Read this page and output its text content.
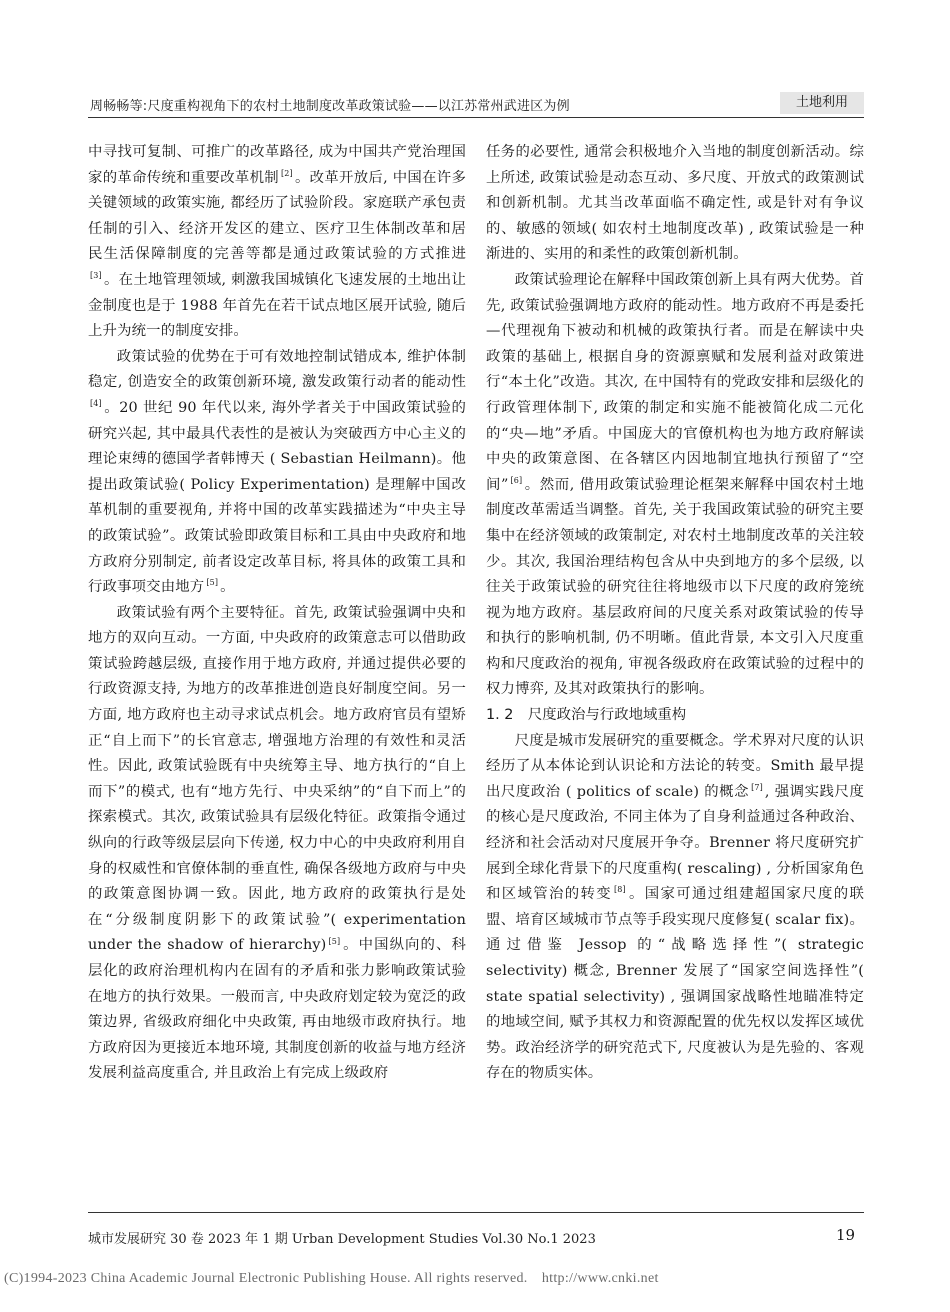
周畅畅等:尺度重构视角下的农村土地制度改革政策试验——以江苏常州武进区为例	土地利用

中寻找可复制、可推广的改革路径, 成为中国共产党治理国家的革命传统和重要改革机制 [2] 。改革开放后, 中国在许多关键领域的政策实施, 都经历了试验阶段。家庭联产承包责任制的引入、经济开发区的建立、医疗卫生体制改革和居民生活保障制度的完善等都是通过政策试验的方式推进[3] 。在土地管理领域, 刺激我国城镇化飞速发展的土地出让金制度也是于 1988 年首先在若干试点地区展开试验, 随后上升为统一的制度安排。

政策试验的优势在于可有效地控制试错成本, 维护体制稳定, 创造安全的政策创新环境, 激发政策行动者的能动性[4] 。20 世纪 90 年代以来, 海外学者关于中国政策试验的研究兴起, 其中最具代表性的是被认为突破西方中心主义的理论束缚的德国学者韩博天 ( Sebastian Heilmann)。他提出政策试验( Policy Experimentation) 是理解中国改革机制的重要视角, 并将中国的改革实践描述为“中央主导的政策试验”。政策试验即政策目标和工具由中央政府和地方政府分别制定, 前者设定改革目标, 将具体的政策工具和行政事项交由地方 [5] 。

政策试验有两个主要特征。首先, 政策试验强调中央和地方的双向互动。一方面, 中央政府的政策意志可以借助政策试验跨越层级, 直接作用于地方政府, 并通过提供必要的行政资源支持, 为地方的改革推进创造良好制度空间。另一方面, 地方政府也主动寻求试点机会。地方政府官员有望矫正“自上而下”的长官意志, 增强地方治理的有效性和灵活性。因此, 政策试验既有中央统筹主导、地方执行的“自上而下”的模式, 也有“地方先行、中央采纳”的“自下而上”的探索模式。其次, 政策试验具有层级化特征。政策指令通过纵向的行政等级层层向下传递, 权力中心的中央政府利用自身的权威性和官僚体制的垂直性, 确保各级地方政府与中央的政策意图协调一致。因此, 地方政府的政策执行是处在“分级制度阴影下的政策试验”( experimentation under the shadow of hierarchy) [5] 。中国纵向的、科层化的政府治理机构内在固有的矛盾和张力影响政策试验在地方的执行效果。一般而言, 中央政府划定较为宽泛的政策边界, 省级政府细化中央政策, 再由地级市政府执行。地方政府因为更接近本地环境, 其制度创新的收益与地方经济发展利益高度重合, 并且政治上有完成上级政府

任务的必要性, 通常会积极地介入当地的制度创新活动。综上所述, 政策试验是动态互动、多尺度、开放式的政策测试和创新机制。尤其当改革面临不确定性, 或是针对有争议的、敏感的领域( 如农村土地制度改革) , 政策试验是一种渐进的、实用的和柔性的政策创新机制。

政策试验理论在解释中国政策创新上具有两大优势。首先, 政策试验强调地方政府的能动性。地方政府不再是委托—代理视角下被动和机械的政策执行者。而是在解读中央政策的基础上, 根据自身的资源禀赋和发展利益对政策进行“本土化”改造。其次, 在中国特有的党政安排和层级化的行政管理体制下, 政策的制定和实施不能被简化成二元化的“央—地”矛盾。中国庞大的官僚机构也为地方政府解读中央的政策意图、在各辖区内因地制宜地执行预留了“空间” [6] 。然而, 借用政策试验理论框架来解释中国农村土地制度改革需适当调整。首先, 关于我国政策试验的研究主要集中在经济领域的政策制定, 对农村土地制度改革的关注较少。其次, 我国治理结构包含从中央到地方的多个层级, 以往关于政策试验的研究往往将地级市以下尺度的政府笼统视为地方政府。基层政府间的尺度关系对政策试验的传导和执行的影响机制, 仍不明晰。值此背景, 本文引入尺度重构和尺度政治的视角, 审视各级政府在政策试验的过程中的权力博弈, 及其对政策执行的影响。

1. 2　尺度政治与行政地域重构

尺度是城市发展研究的重要概念。学术界对尺度的认识经历了从本体论到认识论和方法论的转变。Smith 最早提出尺度政治 ( politics of scale) 的概念 [7] , 强调实践尺度的核心是尺度政治, 不同主体为了自身利益通过各种政治、经济和社会活动对尺度展开争夺。Brenner 将尺度研究扩展到全球化背景下的尺度重构( rescaling) , 分析国家角色和区域管治的转变 [8] 。国家可通过组建超国家尺度的联盟、培育区域城市节点等手段实现尺度修复( scalar fix)。通过借鉴 Jessop 的“战略选择性”( strategic selectivity) 概念, Brenner 发展了“国家空间选择性”( state spatial selectivity) , 强调国家战略性地瞄准特定的地域空间, 赋予其权力和资源配置的优先权以发挥区域优势。政治经济学的研究范式下, 尺度被认为是先验的、客观存在的物质实体。

城市发展研究 30 卷 2023 年 1 期 Urban Development Studies Vol.30 No.1 2023	19
(C)1994-2023 China Academic Journal Electronic Publishing House. All rights reserved.　http://www.cnki.net
